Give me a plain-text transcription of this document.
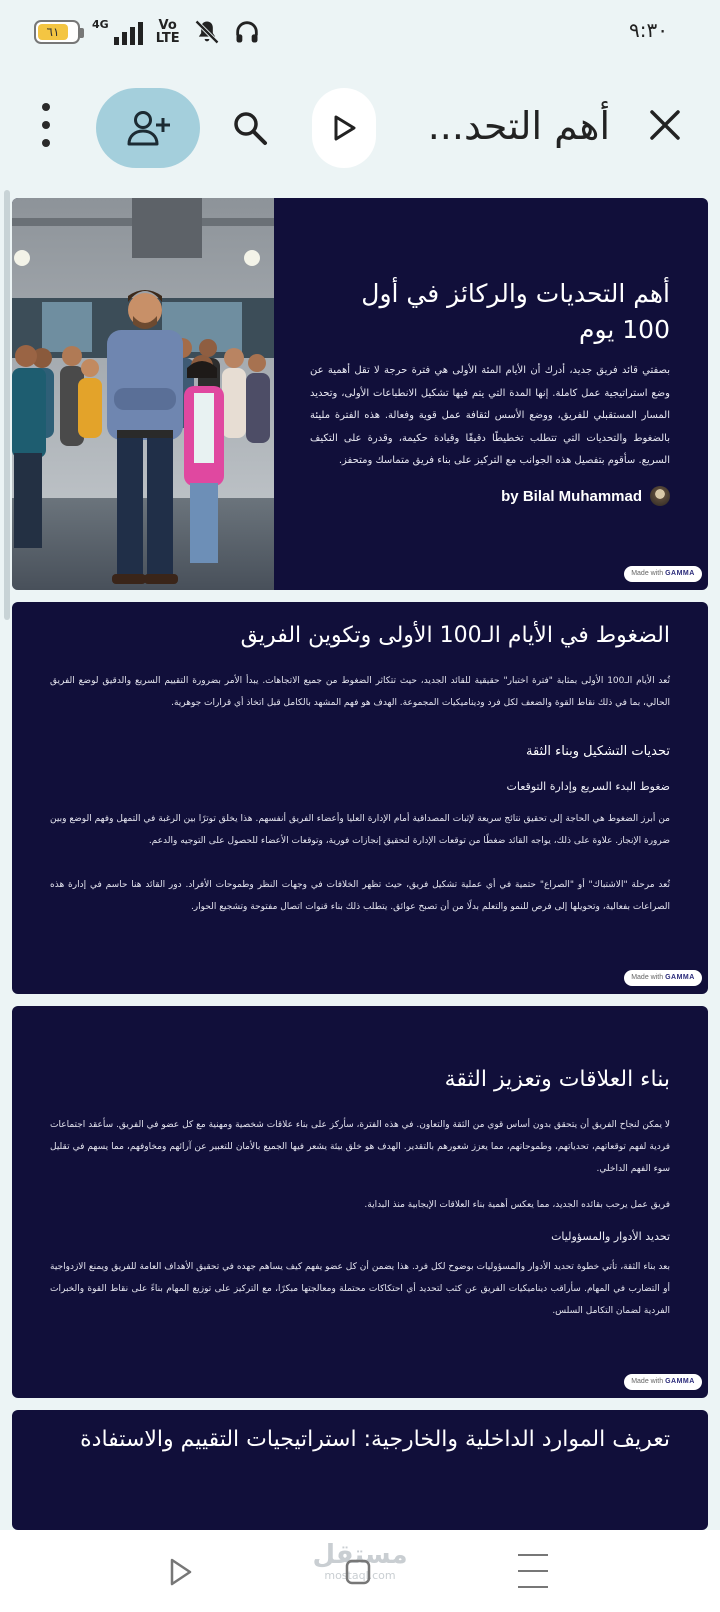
٦١
4G	Vo LTE	٩:٣٠
أهم التحد...
أهم التحديات والركائز في أول 100 يوم
بصفتي قائد فريق جديد، أدرك أن الأيام المئة الأولى هي فترة حرجة لا تقل أهمية عن وضع استراتيجية عمل كاملة. إنها المدة التي يتم فيها تشكيل الانطباعات الأولى، وتحديد المسار المستقبلي للفريق، ووضع الأسس لثقافة عمل قوية وفعالة. هذه الفترة مليئة بالضغوط والتحديات التي تتطلب تخطيطًا دقيقًا وقيادة حكيمة، وقدرة على التكيف السريع. سأقوم بتفصيل هذه الجوانب مع التركيز على بناء فريق متماسك ومتحفز.
by Bilal Muhammad
Made with GAMMA
الضغوط في الأيام الـ100 الأولى وتكوين الفريق
تُعد الأيام الـ100 الأولى بمثابة "فترة اختبار" حقيقية للقائد الجديد، حيث تتكاثر الضغوط من جميع الاتجاهات. يبدأ الأمر بضرورة التقييم السريع والدقيق لوضع الفريق الحالي، بما في ذلك نقاط القوة والضعف لكل فرد وديناميكيات المجموعة. الهدف هو فهم المشهد بالكامل قبل اتخاذ أي قرارات جوهرية.
تحديات التشكيل وبناء الثقة
ضغوط البدء السريع وإدارة التوقعات
من أبرز الضغوط هي الحاجة إلى تحقيق نتائج سريعة لإثبات المصداقية أمام الإدارة العليا وأعضاء الفريق أنفسهم. هذا يخلق توترًا بين الرغبة في التمهل وفهم الوضع وبين ضرورة الإنجاز. علاوة على ذلك، يواجه القائد ضغطًا من توقعات الإدارة لتحقيق إنجازات فورية، وتوقعات الأعضاء للحصول على التوجيه والدعم.
تُعد مرحلة "الاشتباك" أو "الصراع" حتمية في أي عملية تشكيل فريق، حيث تظهر الخلافات في وجهات النظر وطموحات الأفراد. دور القائد هنا حاسم في إدارة هذه الصراعات بفعالية، وتحويلها إلى فرص للنمو والتعلم بدلًا من أن تصبح عوائق. يتطلب ذلك بناء قنوات اتصال مفتوحة وتشجيع الحوار.
Made with GAMMA
بناء العلاقات وتعزيز الثقة
لا يمكن لنجاح الفريق أن يتحقق بدون أساس قوي من الثقة والتعاون. في هذه الفترة، سأركز على بناء علاقات شخصية ومهنية مع كل عضو في الفريق. سأعقد اجتماعات فردية لفهم توقعاتهم، تحدياتهم، وطموحاتهم، مما يعزز شعورهم بالتقدير. الهدف هو خلق بيئة يشعر فيها الجميع بالأمان للتعبير عن آرائهم ومخاوفهم، مما يسهم في تقليل سوء الفهم الداخلي.
فريق عمل يرحب بقائده الجديد، مما يعكس أهمية بناء العلاقات الإيجابية منذ البداية.
تحديد الأدوار والمسؤوليات
بعد بناء الثقة، تأتي خطوة تحديد الأدوار والمسؤوليات بوضوح لكل فرد. هذا يضمن أن كل عضو يفهم كيف يساهم جهده في تحقيق الأهداف العامة للفريق ويمنع الازدواجية أو التضارب في المهام. سأراقب ديناميكيات الفريق عن كثب لتحديد أي احتكاكات محتملة ومعالجتها مبكرًا، مع التركيز على توزيع المهام بناءً على نقاط القوة والخبرات الفردية لضمان التكامل السلس.
Made with GAMMA
تعريف الموارد الداخلية والخارجية: استراتيجيات التقييم والاستفادة
مستقل
mostaql.com
